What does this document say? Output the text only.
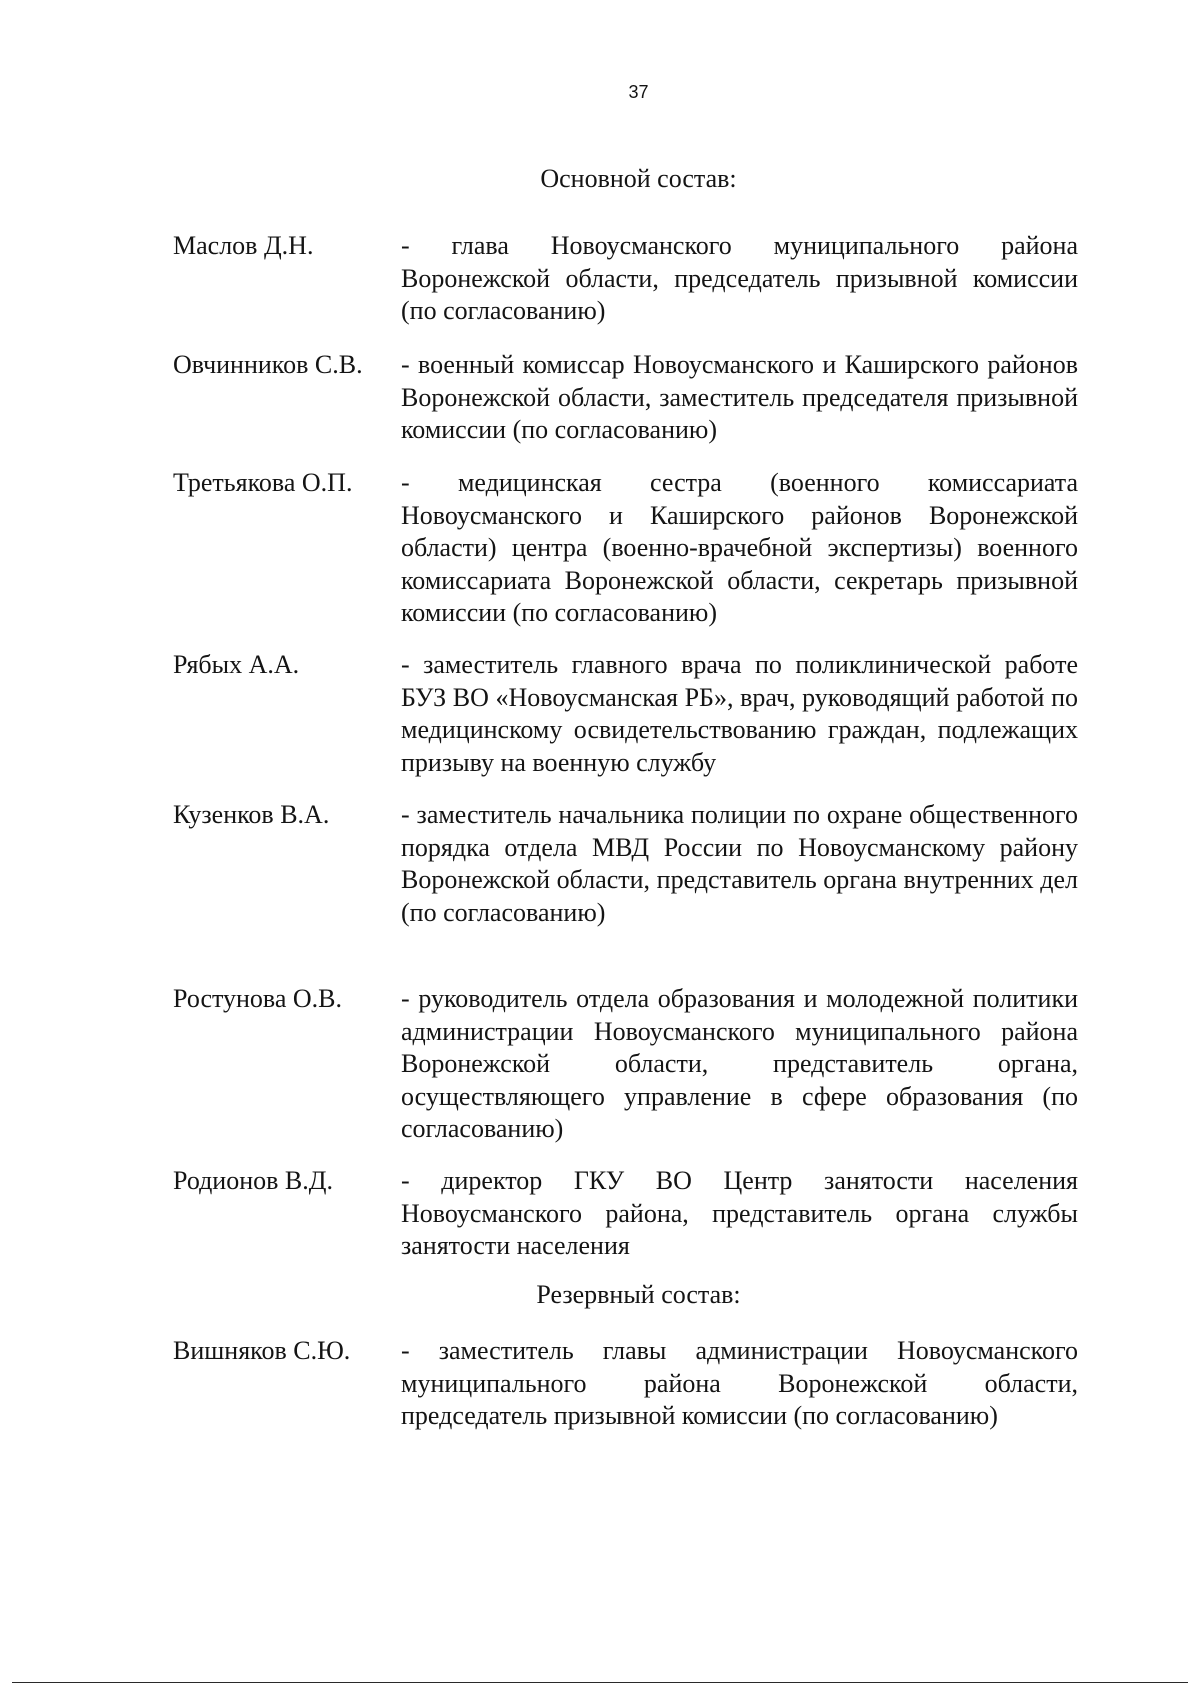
37
Основной состав:
Маслов Д.Н.	- глава Новоусманского муниципального района Воронежской области, председатель призывной комиссии (по согласованию)
Овчинников С.В. - военный комиссар Новоусманского и Каширского районов Воронежской области, заместитель председателя призывной комиссии (по согласованию)
Третьякова О.П. - медицинская сестра (военного комиссариата Новоусманского и Каширского районов Воронежской области) центра (военно-врачебной экспертизы) военного комиссариата Воронежской области, секретарь призывной комиссии (по согласованию)
Рябых А.А.	- заместитель главного врача по поликлинической работе БУЗ ВО «Новоусманская РБ», врач, руководящий работой по медицинскому освидетельствованию граждан, подлежащих призыву на военную службу
Кузенков В.А.	- заместитель начальника полиции по охране общественного порядка отдела МВД России по Новоусманскому району Воронежской области, представитель органа внутренних дел (по согласованию)
Ростунова О.В. - руководитель отдела образования и молодежной политики администрации Новоусманского муниципального района Воронежской области, представитель органа, осуществляющего управление в сфере образования (по согласованию)
Родионов В.Д.	- директор ГКУ ВО Центр занятости населения Новоусманского района, представитель органа службы занятости населения
Резервный состав:
Вишняков С.Ю. - заместитель главы администрации Новоусманского муниципального района Воронежской области, председатель призывной комиссии (по согласованию)
